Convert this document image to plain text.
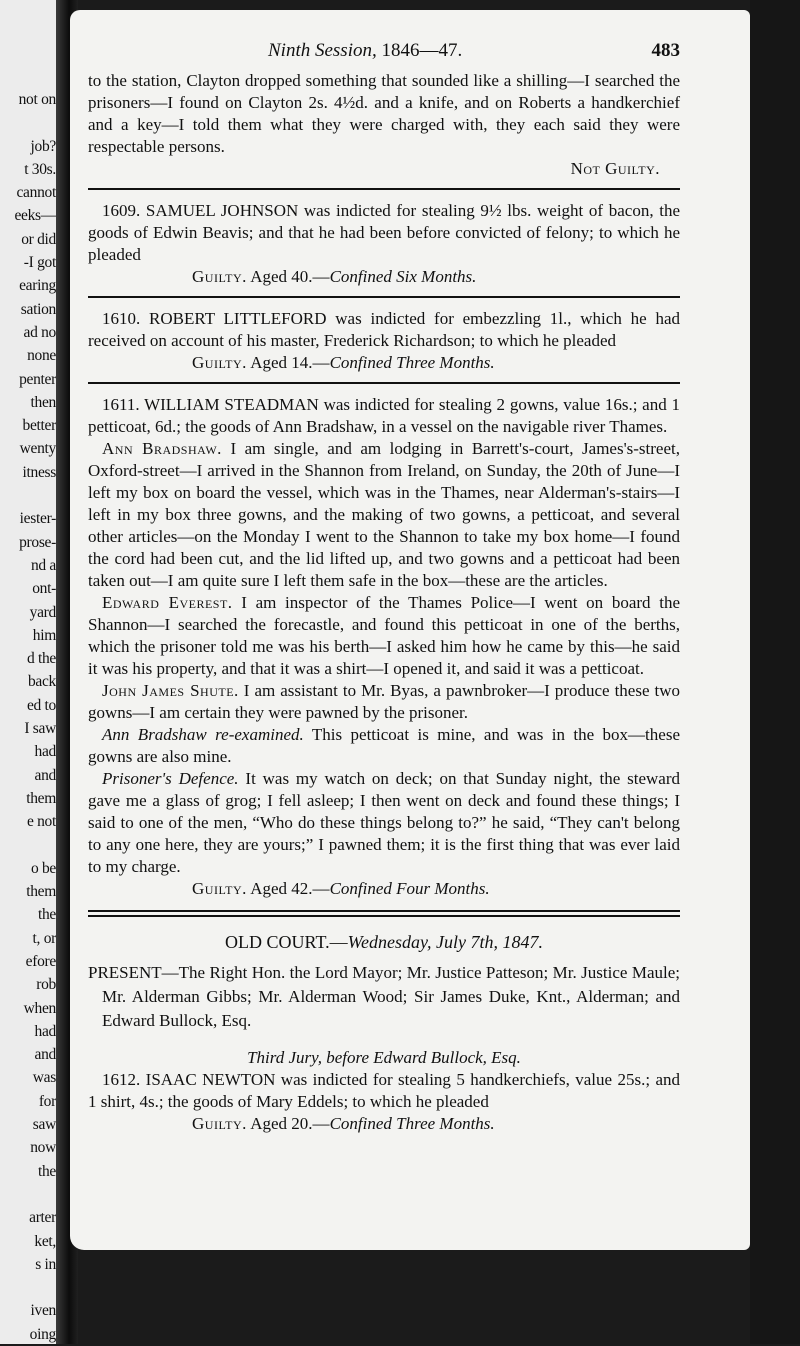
not on

job?
t 30s.
cannot
eeks—
or did
-I got
earing
sation
ad no
none
penter
then
better
wenty
itness

iester-
prose-
nd a
ont-
yard
him
d the
back
ed to
I saw
had
and
them
e not

o be
them
the
t, or
efore
rob
when
had
and
was
for
saw
now
the

arter
ket,
s in

iven
oing
Ninth Session, 1846—47.	483

to the station, Clayton dropped something that sounded like a shilling—I searched the prisoners—I found on Clayton 2s. 4½d. and a knife, and on Roberts a handkerchief and a key—I told them what they were charged with, they each said they were respectable persons.

Not Guilty.

1609. SAMUEL JOHNSON was indicted for stealing 9½ lbs. weight of bacon, the goods of Edwin Beavis; and that he had been before convicted of felony; to which he pleaded

Guilty. Aged 40.—Confined Six Months.

1610. ROBERT LITTLEFORD was indicted for embezzling 1l., which he had received on account of his master, Frederick Richardson; to which he pleaded

Guilty. Aged 14.—Confined Three Months.

1611. WILLIAM STEADMAN was indicted for stealing 2 gowns, value 16s.; and 1 petticoat, 6d.; the goods of Ann Bradshaw, in a vessel on the navigable river Thames.

Ann Bradshaw. I am single, and am lodging in Barrett's-court, James's-street, Oxford-street—I arrived in the Shannon from Ireland, on Sunday, the 20th of June—I left my box on board the vessel, which was in the Thames, near Alderman's-stairs—I left in my box three gowns, and the making of two gowns, a petticoat, and several other articles—on the Monday I went to the Shannon to take my box home—I found the cord had been cut, and the lid lifted up, and two gowns and a petticoat had been taken out—I am quite sure I left them safe in the box—these are the articles.

Edward Everest. I am inspector of the Thames Police—I went on board the Shannon—I searched the forecastle, and found this petticoat in one of the berths, which the prisoner told me was his berth—I asked him how he came by this—he said it was his property, and that it was a shirt—I opened it, and said it was a petticoat.

John James Shute. I am assistant to Mr. Byas, a pawnbroker—I produce these two gowns—I am certain they were pawned by the prisoner.

Ann Bradshaw re-examined. This petticoat is mine, and was in the box—these gowns are also mine.

Prisoner's Defence. It was my watch on deck; on that Sunday night, the steward gave me a glass of grog; I fell asleep; I then went on deck and found these things; I said to one of the men, “Who do these things belong to?” he said, “They can't belong to any one here, they are yours;” I pawned them; it is the first thing that was ever laid to my charge.

Guilty. Aged 42.—Confined Four Months.

OLD COURT.—Wednesday, July 7th, 1847.

PRESENT—The Right Hon. the Lord Mayor; Mr. Justice Patteson; Mr. Justice Maule; Mr. Alderman Gibbs; Mr. Alderman Wood; Sir James Duke, Knt., Alderman; and Edward Bullock, Esq.

Third Jury, before Edward Bullock, Esq.

1612. ISAAC NEWTON was indicted for stealing 5 handkerchiefs, value 25s.; and 1 shirt, 4s.; the goods of Mary Eddels; to which he pleaded

Guilty. Aged 20.—Confined Three Months.
